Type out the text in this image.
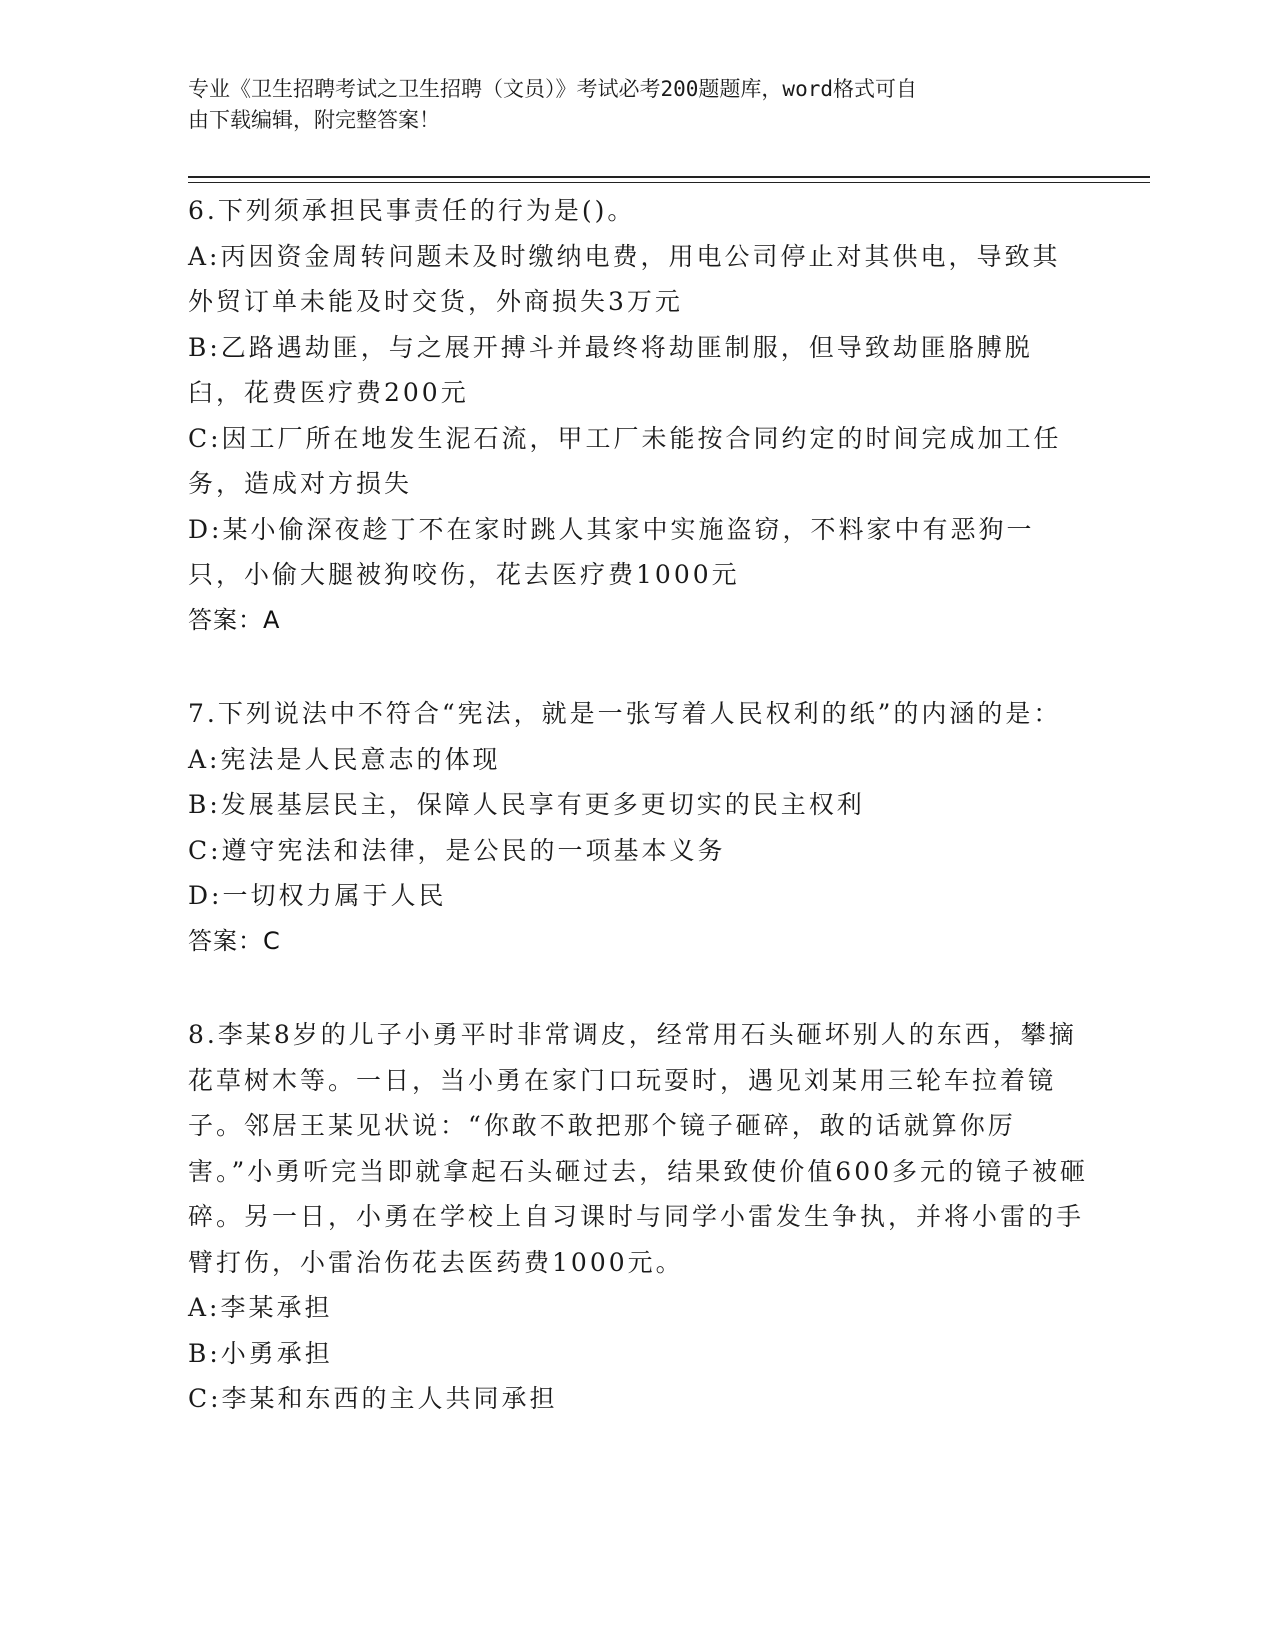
专业《卫生招聘考试之卫生招聘（文员）》考试必考200题题库，word格式可自
由下载编辑，附完整答案！

6.下列须承担民事责任的行为是()。

A:丙因资金周转问题未及时缴纳电费，用电公司停止对其供电，导致其外贸订单未能及时交货，外商损失3万元

B:乙路遇劫匪，与之展开搏斗并最终将劫匪制服，但导致劫匪胳膊脱臼，花费医疗费200元

C:因工厂所在地发生泥石流，甲工厂未能按合同约定的时间完成加工任务，造成对方损失

D:某小偷深夜趁丁不在家时跳人其家中实施盗窃，不料家中有恶狗一只，小偷大腿被狗咬伤，花去医疗费1000元

答案：A

7.下列说法中不符合“宪法，就是一张写着人民权利的纸”的内涵的是：

A:宪法是人民意志的体现

B:发展基层民主，保障人民享有更多更切实的民主权利

C:遵守宪法和法律，是公民的一项基本义务

D:一切权力属于人民

答案：C

8.李某8岁的儿子小勇平时非常调皮，经常用石头砸坏别人的东西，攀摘花草树木等。一日，当小勇在家门口玩耍时，遇见刘某用三轮车拉着镜子。邻居王某见状说：“你敢不敢把那个镜子砸碎，敢的话就算你厉害。”小勇听完当即就拿起石头砸过去，结果致使价值600多元的镜子被砸碎。另一日，小勇在学校上自习课时与同学小雷发生争执，并将小雷的手臂打伤，小雷治伤花去医药费1000元。

A:李某承担

B:小勇承担

C:李某和东西的主人共同承担
